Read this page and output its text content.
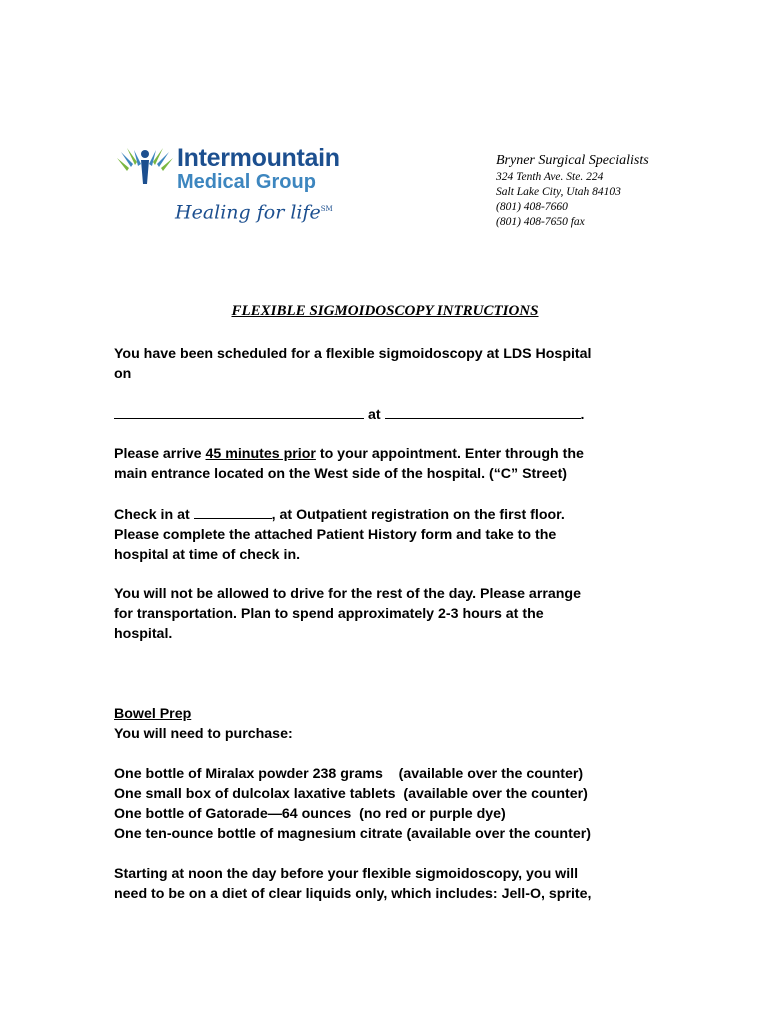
Intermountain
Medical Group
Healing for life℠
Bryner Surgical Specialists
324 Tenth Ave. Ste. 224
Salt Lake City, Utah 84103
(801) 408-7660
(801) 408-7650 fax
FLEXIBLE SIGMOIDOSCOPY INTRUCTIONS
You have been scheduled for a flexible sigmoidoscopy at LDS Hospital
on
at	.
Please arrive 45 minutes prior to your appointment. Enter through the
main entrance located on the West side of the hospital. (“C” Street)
Check in at	, at Outpatient registration on the first floor.
Please complete the attached Patient History form and take to the
hospital at time of check in.
You will not be allowed to drive for the rest of the day. Please arrange
for transportation. Plan to spend approximately 2-3 hours at the
hospital.
Bowel Prep
You will need to purchase:
One bottle of Miralax powder 238 grams    (available over the counter)
One small box of dulcolax laxative tablets  (available over the counter)
One bottle of Gatorade—64 ounces  (no red or purple dye)
One ten-ounce bottle of magnesium citrate (available over the counter)
Starting at noon the day before your flexible sigmoidoscopy, you will
need to be on a diet of clear liquids only, which includes: Jell-O, sprite,
